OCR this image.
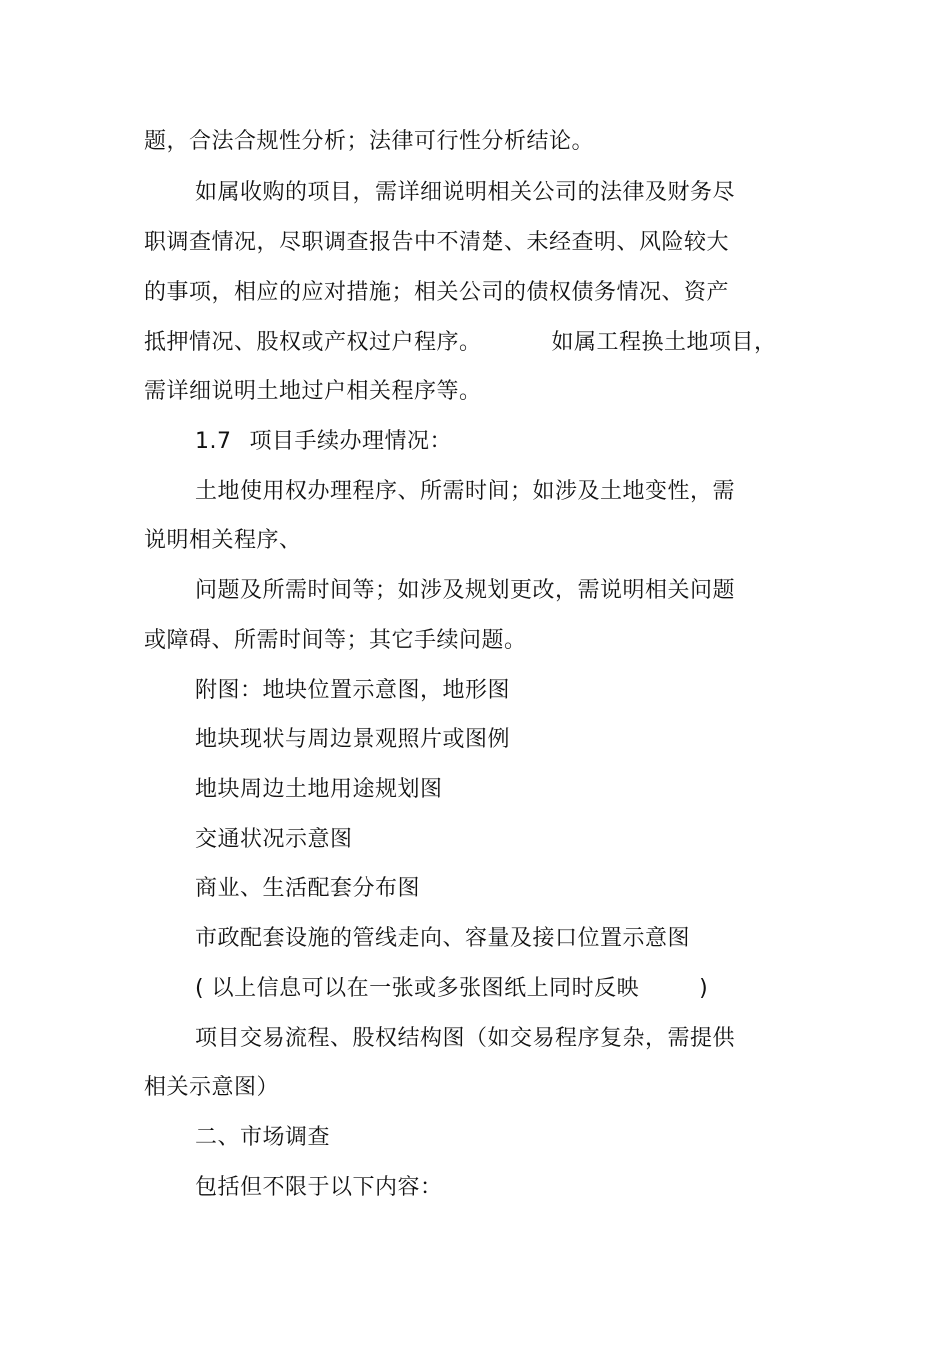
题，合法合规性分析；法律可行性分析结论。
如属收购的项目，需详细说明相关公司的法律及财务尽
职调查情况，尽职调查报告中不清楚、未经查明、风险较大
的事项，相应的应对措施；相关公司的债权债务情况、资产
抵押情况、股权或产权过户程序。	如属工程换土地项目，
需详细说明土地过户相关程序等。
1.7 项目手续办理情况：
土地使用权办理程序、所需时间；如涉及土地变性，需
说明相关程序、
问题及所需时间等；如涉及规划更改，需说明相关问题
或障碍、所需时间等；其它手续问题。
附图：地块位置示意图，地形图
地块现状与周边景观照片或图例
地块周边土地用途规划图
交通状况示意图
商业、生活配套分布图
市政配套设施的管线走向、容量及接口位置示意图
( 以上信息可以在一张或多张图纸上同时反映	)
项目交易流程、股权结构图（如交易程序复杂，需提供
相关示意图）
二、市场调查
包括但不限于以下内容：
